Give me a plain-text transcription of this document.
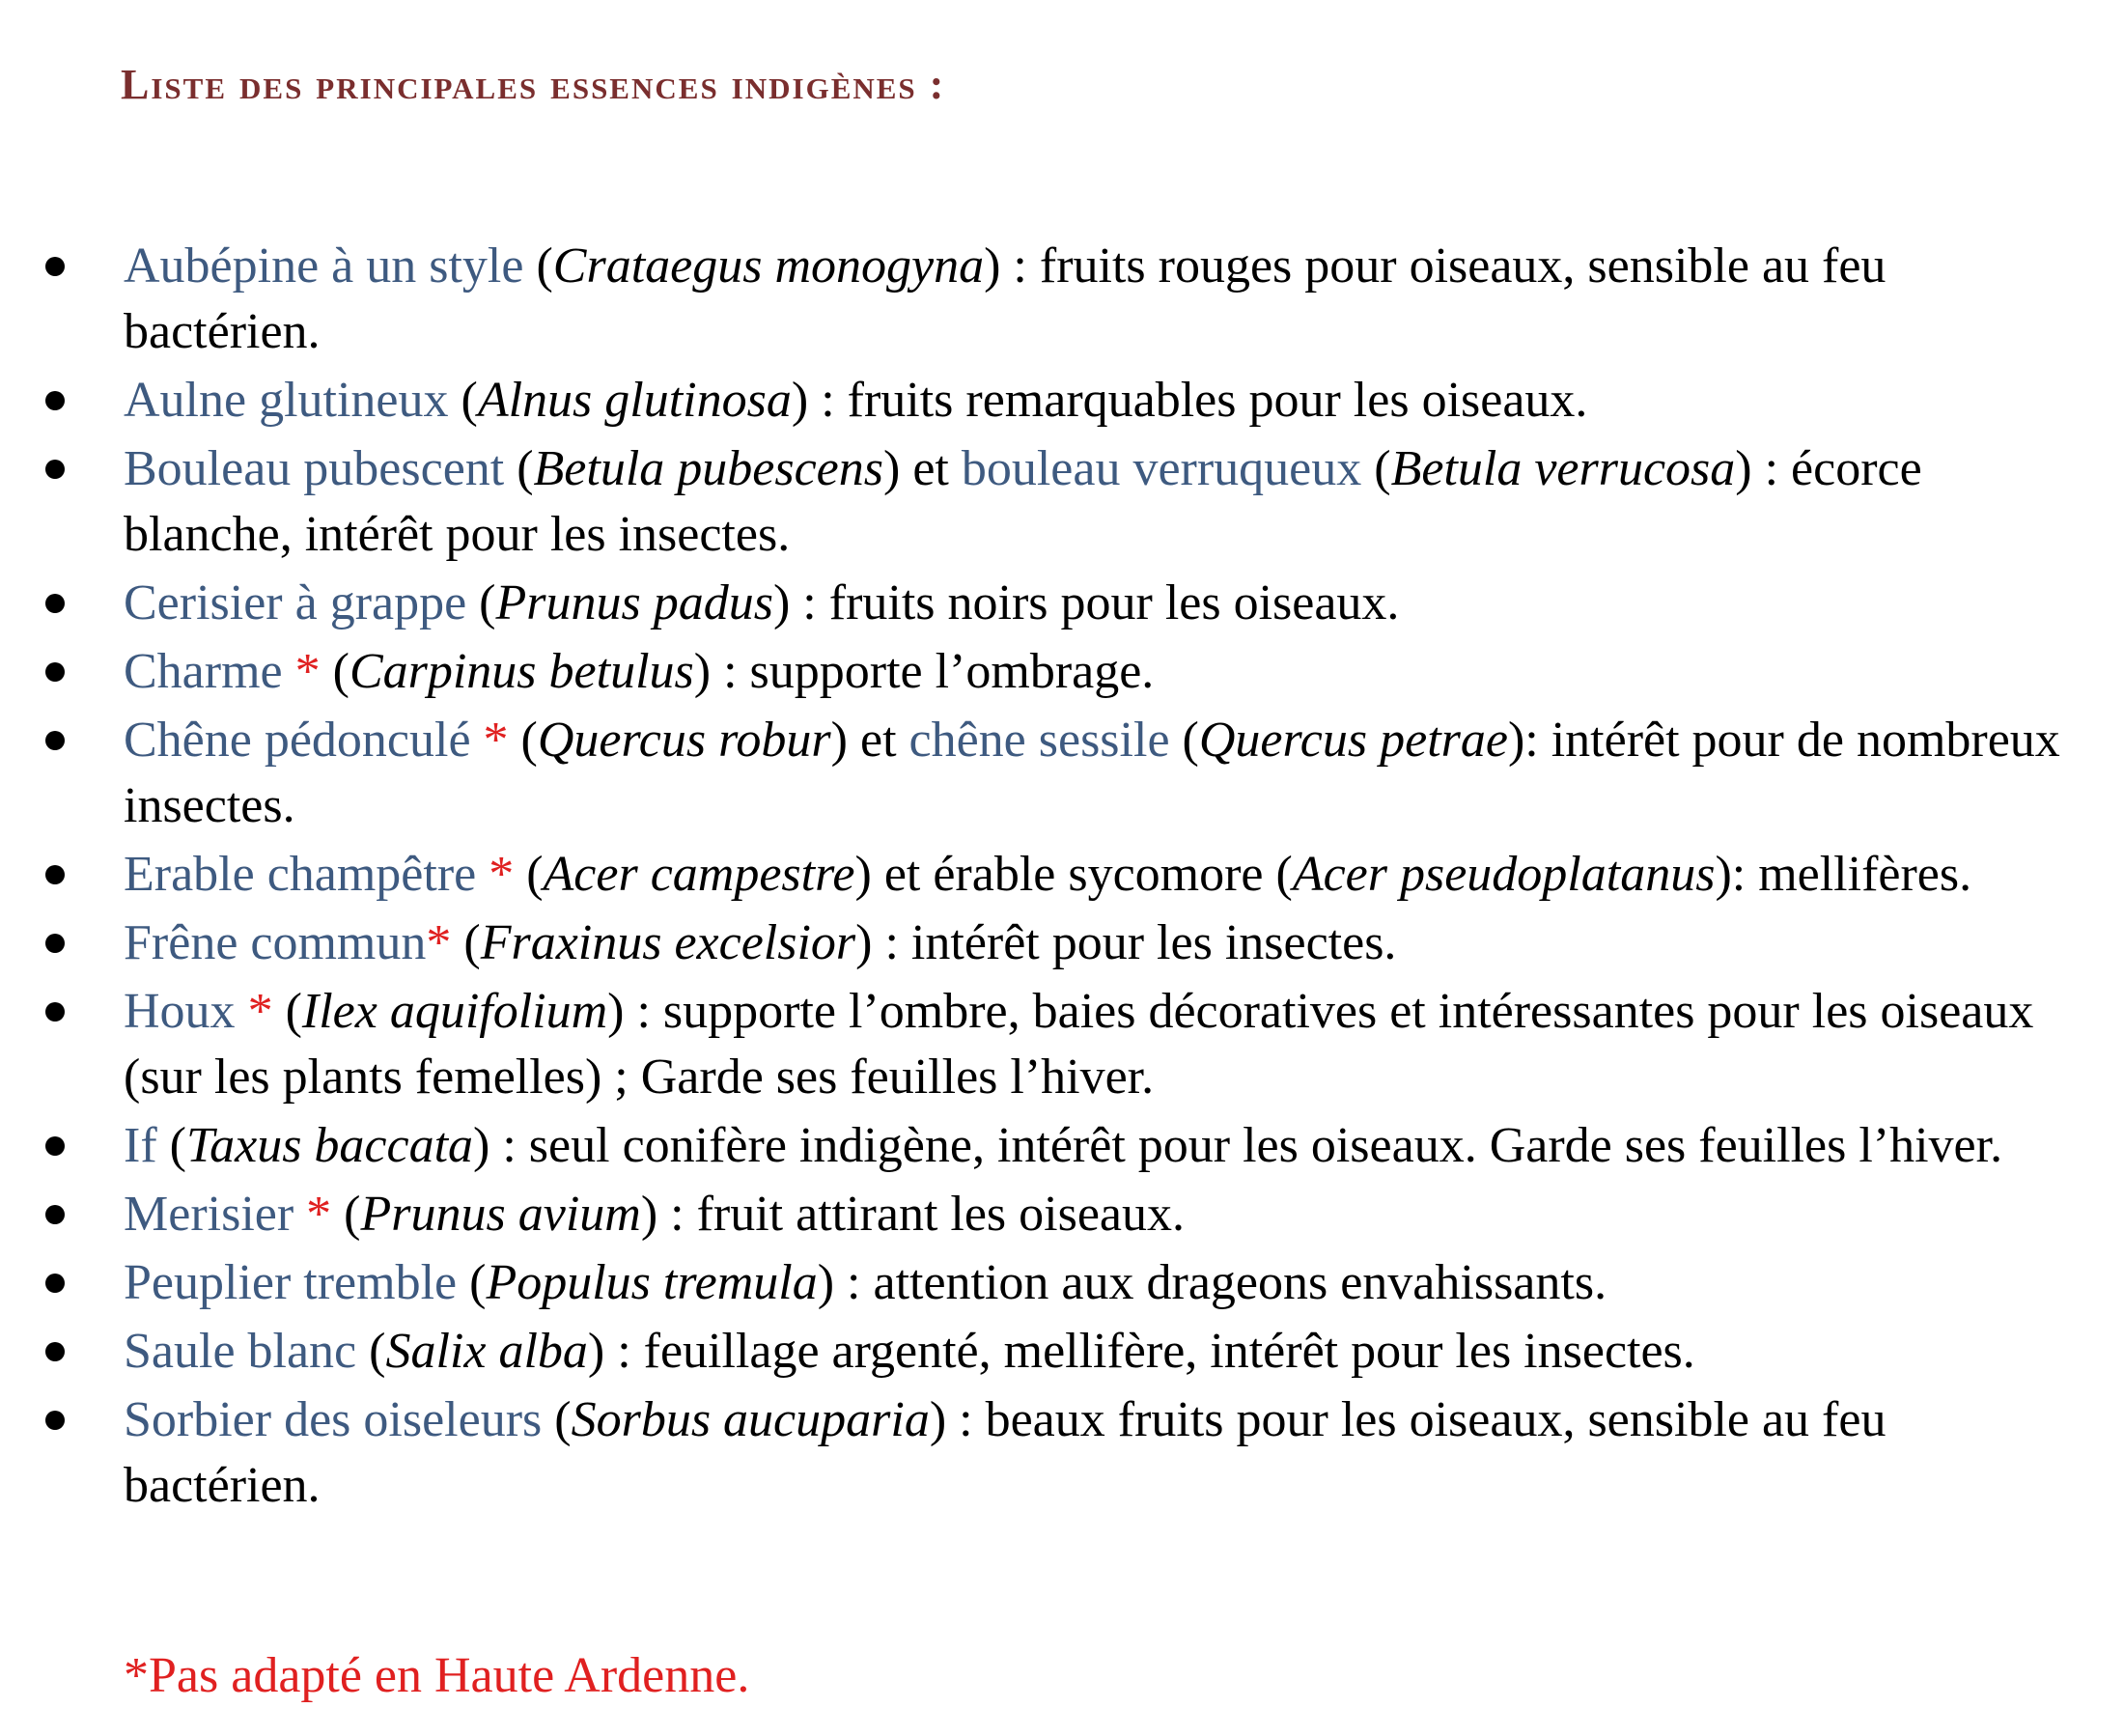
Liste des principales essences indigènes :
Aubépine à un style (Crataegus monogyna) : fruits rouges pour oiseaux, sensible au feu bactérien.
Aulne glutineux (Alnus glutinosa) : fruits remarquables pour les oiseaux.
Bouleau pubescent (Betula pubescens) et bouleau verruqueux (Betula verrucosa) : écorce blanche, intérêt pour les insectes.
Cerisier à grappe (Prunus padus) : fruits noirs pour les oiseaux.
Charme * (Carpinus betulus) : supporte l’ombrage.
Chêne pédonculé * (Quercus robur) et chêne sessile (Quercus petrae): intérêt pour de nombreux insectes.
Erable champêtre * (Acer campestre) et érable sycomore (Acer pseudoplatanus): mellifères.
Frêne commun* (Fraxinus excelsior) : intérêt pour les insectes.
Houx * (Ilex aquifolium) : supporte l’ombre, baies décoratives et intéressantes pour les oiseaux (sur les plants femelles) ; Garde ses feuilles l’hiver.
If (Taxus baccata) : seul conifère indigène, intérêt pour les oiseaux. Garde ses feuilles l’hiver.
Merisier * (Prunus avium) : fruit attirant les oiseaux.
Peuplier tremble (Populus tremula) : attention aux drageons envahissants.
Saule blanc (Salix alba) : feuillage argenté, mellifère, intérêt pour les insectes.
Sorbier des oiseleurs (Sorbus aucuparia) : beaux fruits pour les oiseaux, sensible au feu bactérien.

*Pas adapté en Haute Ardenne.
